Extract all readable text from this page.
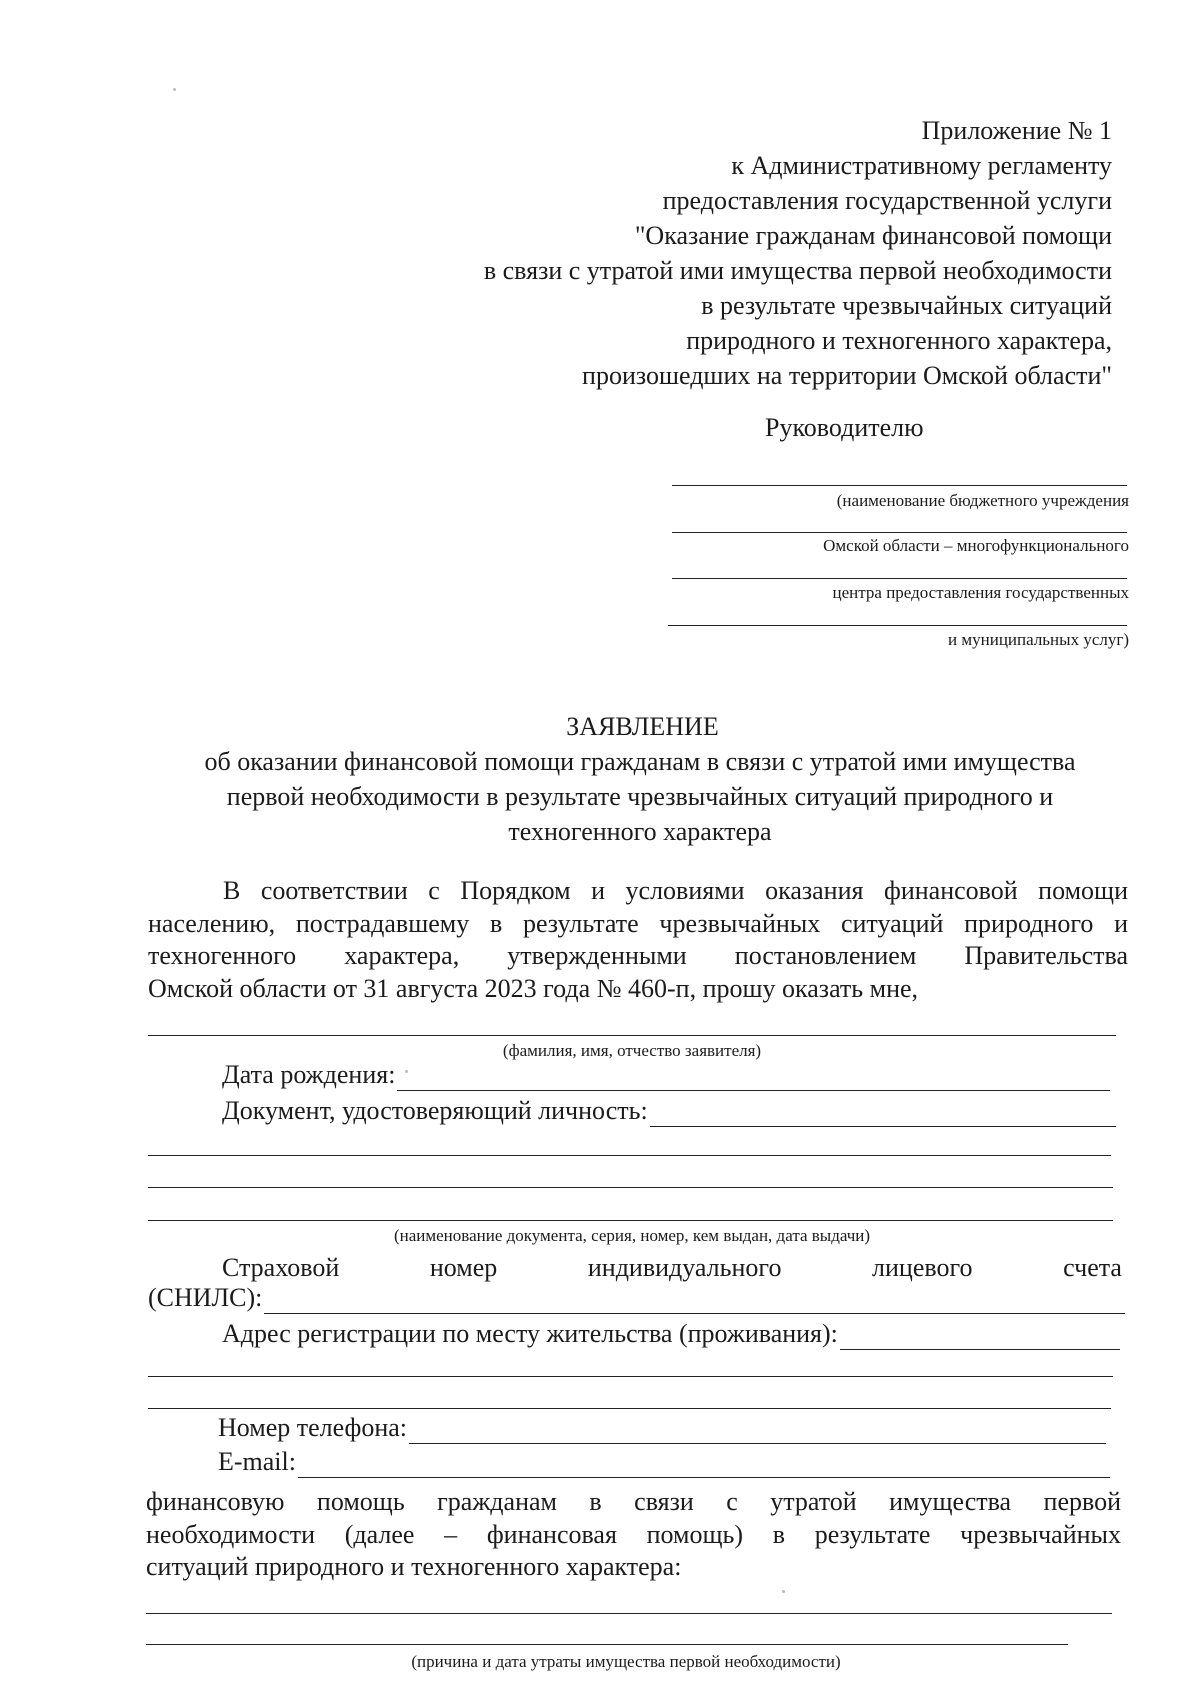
Приложение № 1
к Административному регламенту
предоставления государственной услуги
"Оказание гражданам финансовой помощи
в связи с утратой ими имущества первой необходимости
в результате чрезвычайных ситуаций
природного и техногенного характера,
произошедших на территории Омской области"
Руководителю
(наименование бюджетного учреждения
Омской области – многофункционального
центра предоставления государственных
и муниципальных услуг)
ЗАЯВЛЕНИЕ
об оказании финансовой помощи гражданам в связи с утратой ими имущества
первой необходимости в результате чрезвычайных ситуаций природного и
техногенного характера
В соответствии с Порядком и условиями оказания финансовой помощи
населению, пострадавшему в результате чрезвычайных ситуаций природного и
техногенного характера, утвержденными постановлением Правительства
Омской области от 31 августа 2023 года № 460-п, прошу оказать мне,
(фамилия, имя, отчество заявителя)
Дата рождения:
Документ, удостоверяющий личность:
(наименование документа, серия, номер, кем выдан, дата выдачи)
Страховой	номер	индивидуального	лицевого	счета
(СНИЛС):
Адрес регистрации по месту жительства (проживания):
Номер телефона:
E-mail:
финансовую помощь гражданам в связи с утратой имущества первой
необходимости (далее – финансовая помощь) в результате чрезвычайных
ситуаций природного и техногенного характера:
(причина и дата утраты имущества первой необходимости)
